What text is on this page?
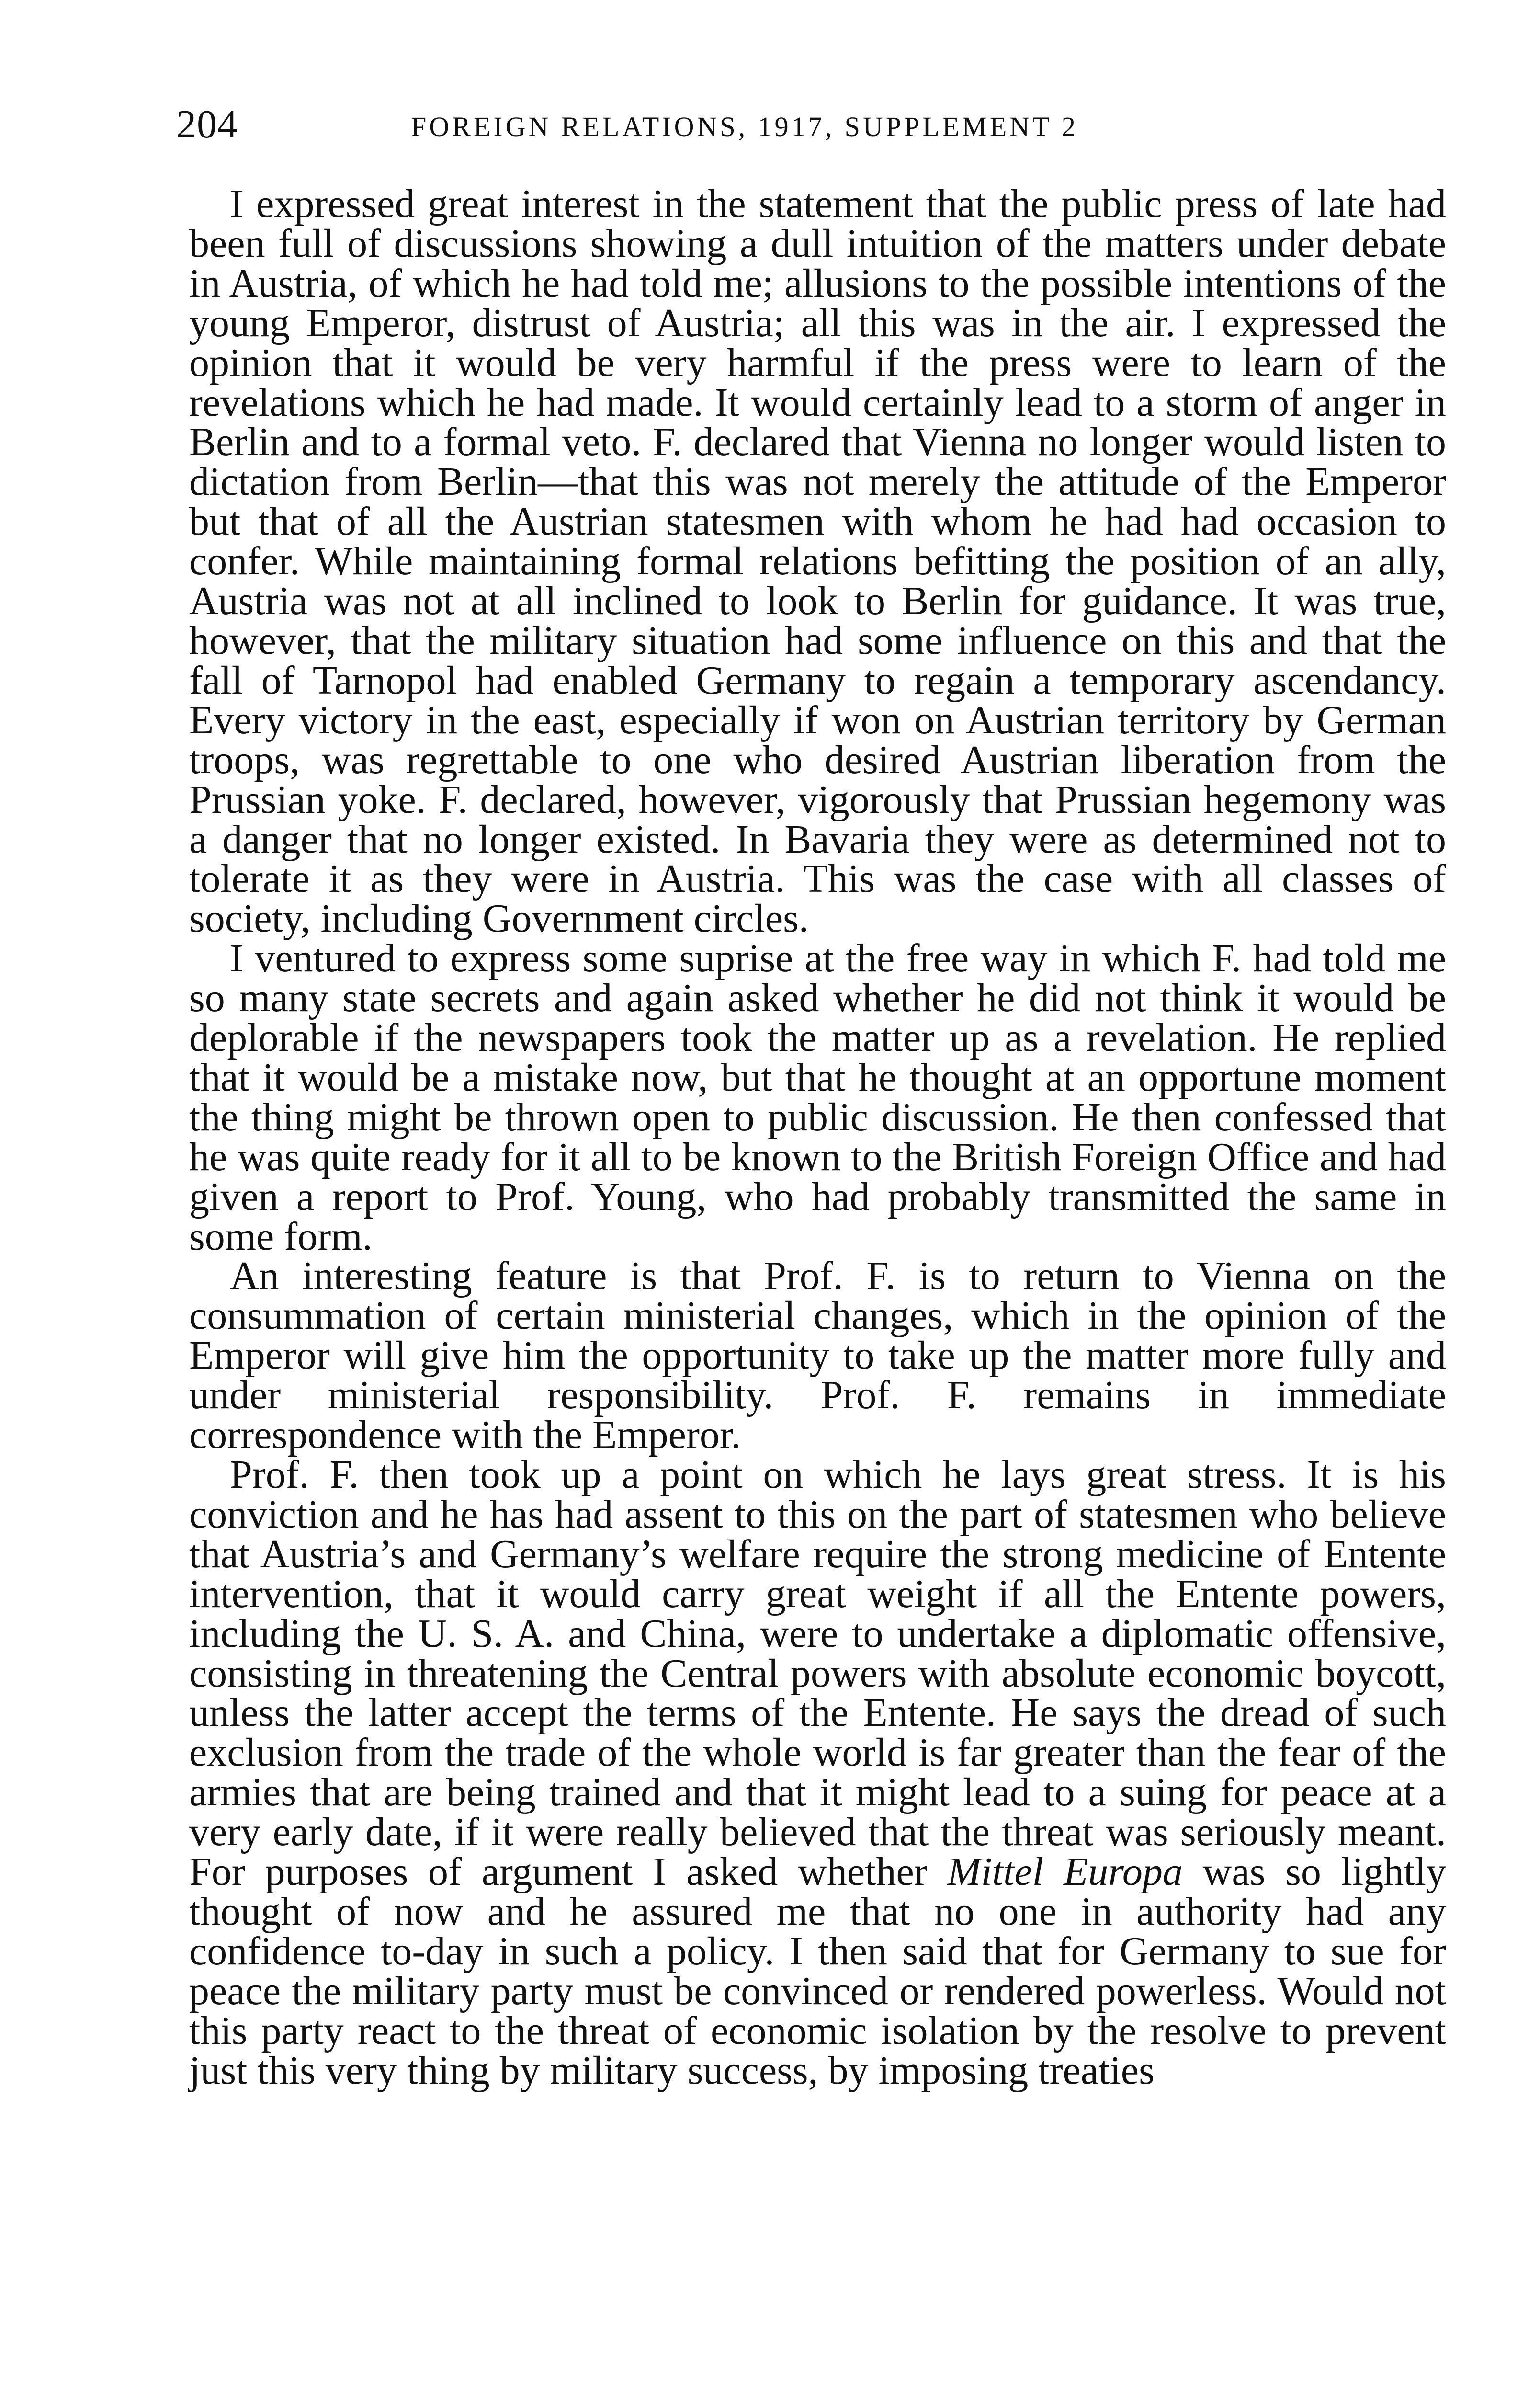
204	FOREIGN RELATIONS, 1917, SUPPLEMENT 2

I expressed great interest in the statement that the public press of late had been full of discussions showing a dull intuition of the matters under debate in Austria, of which he had told me; allusions to the possible intentions of the young Emperor, distrust of Austria; all this was in the air. I expressed the opinion that it would be very harmful if the press were to learn of the revelations which he had made. It would certainly lead to a storm of anger in Berlin and to a formal veto. F. declared that Vienna no longer would listen to dictation from Berlin—that this was not merely the attitude of the Emperor but that of all the Austrian statesmen with whom he had had occasion to confer. While maintaining formal relations befitting the position of an ally, Austria was not at all inclined to look to Berlin for guidance. It was true, however, that the military situation had some influence on this and that the fall of Tarnopol had enabled Germany to regain a temporary ascendancy. Every victory in the east, especially if won on Austrian territory by German troops, was regrettable to one who desired Austrian liberation from the Prussian yoke. F. declared, however, vigorously that Prussian hegemony was a danger that no longer existed. In Bavaria they were as determined not to tolerate it as they were in Austria. This was the case with all classes of society, including Government circles.

I ventured to express some suprise at the free way in which F. had told me so many state secrets and again asked whether he did not think it would be deplorable if the newspapers took the matter up as a revelation. He replied that it would be a mistake now, but that he thought at an opportune moment the thing might be thrown open to public discussion. He then confessed that he was quite ready for it all to be known to the British Foreign Office and had given a report to Prof. Young, who had probably transmitted the same in some form.

An interesting feature is that Prof. F. is to return to Vienna on the consummation of certain ministerial changes, which in the opinion of the Emperor will give him the opportunity to take up the matter more fully and under ministerial responsibility. Prof. F. remains in immediate correspondence with the Emperor.

Prof. F. then took up a point on which he lays great stress. It is his conviction and he has had assent to this on the part of statesmen who believe that Austria’s and Germany’s welfare require the strong medicine of Entente intervention, that it would carry great weight if all the Entente powers, including the U. S. A. and China, were to undertake a diplomatic offensive, consisting in threatening the Central powers with absolute economic boycott, unless the latter accept the terms of the Entente. He says the dread of such exclusion from the trade of the whole world is far greater than the fear of the armies that are being trained and that it might lead to a suing for peace at a very early date, if it were really believed that the threat was seriously meant. For purposes of argument I asked whether Mittel Europa was so lightly thought of now and he assured me that no one in authority had any confidence to-day in such a policy. I then said that for Germany to sue for peace the military party must be convinced or rendered powerless. Would not this party react to the threat of economic isolation by the resolve to prevent just this very thing by military success, by imposing treaties
